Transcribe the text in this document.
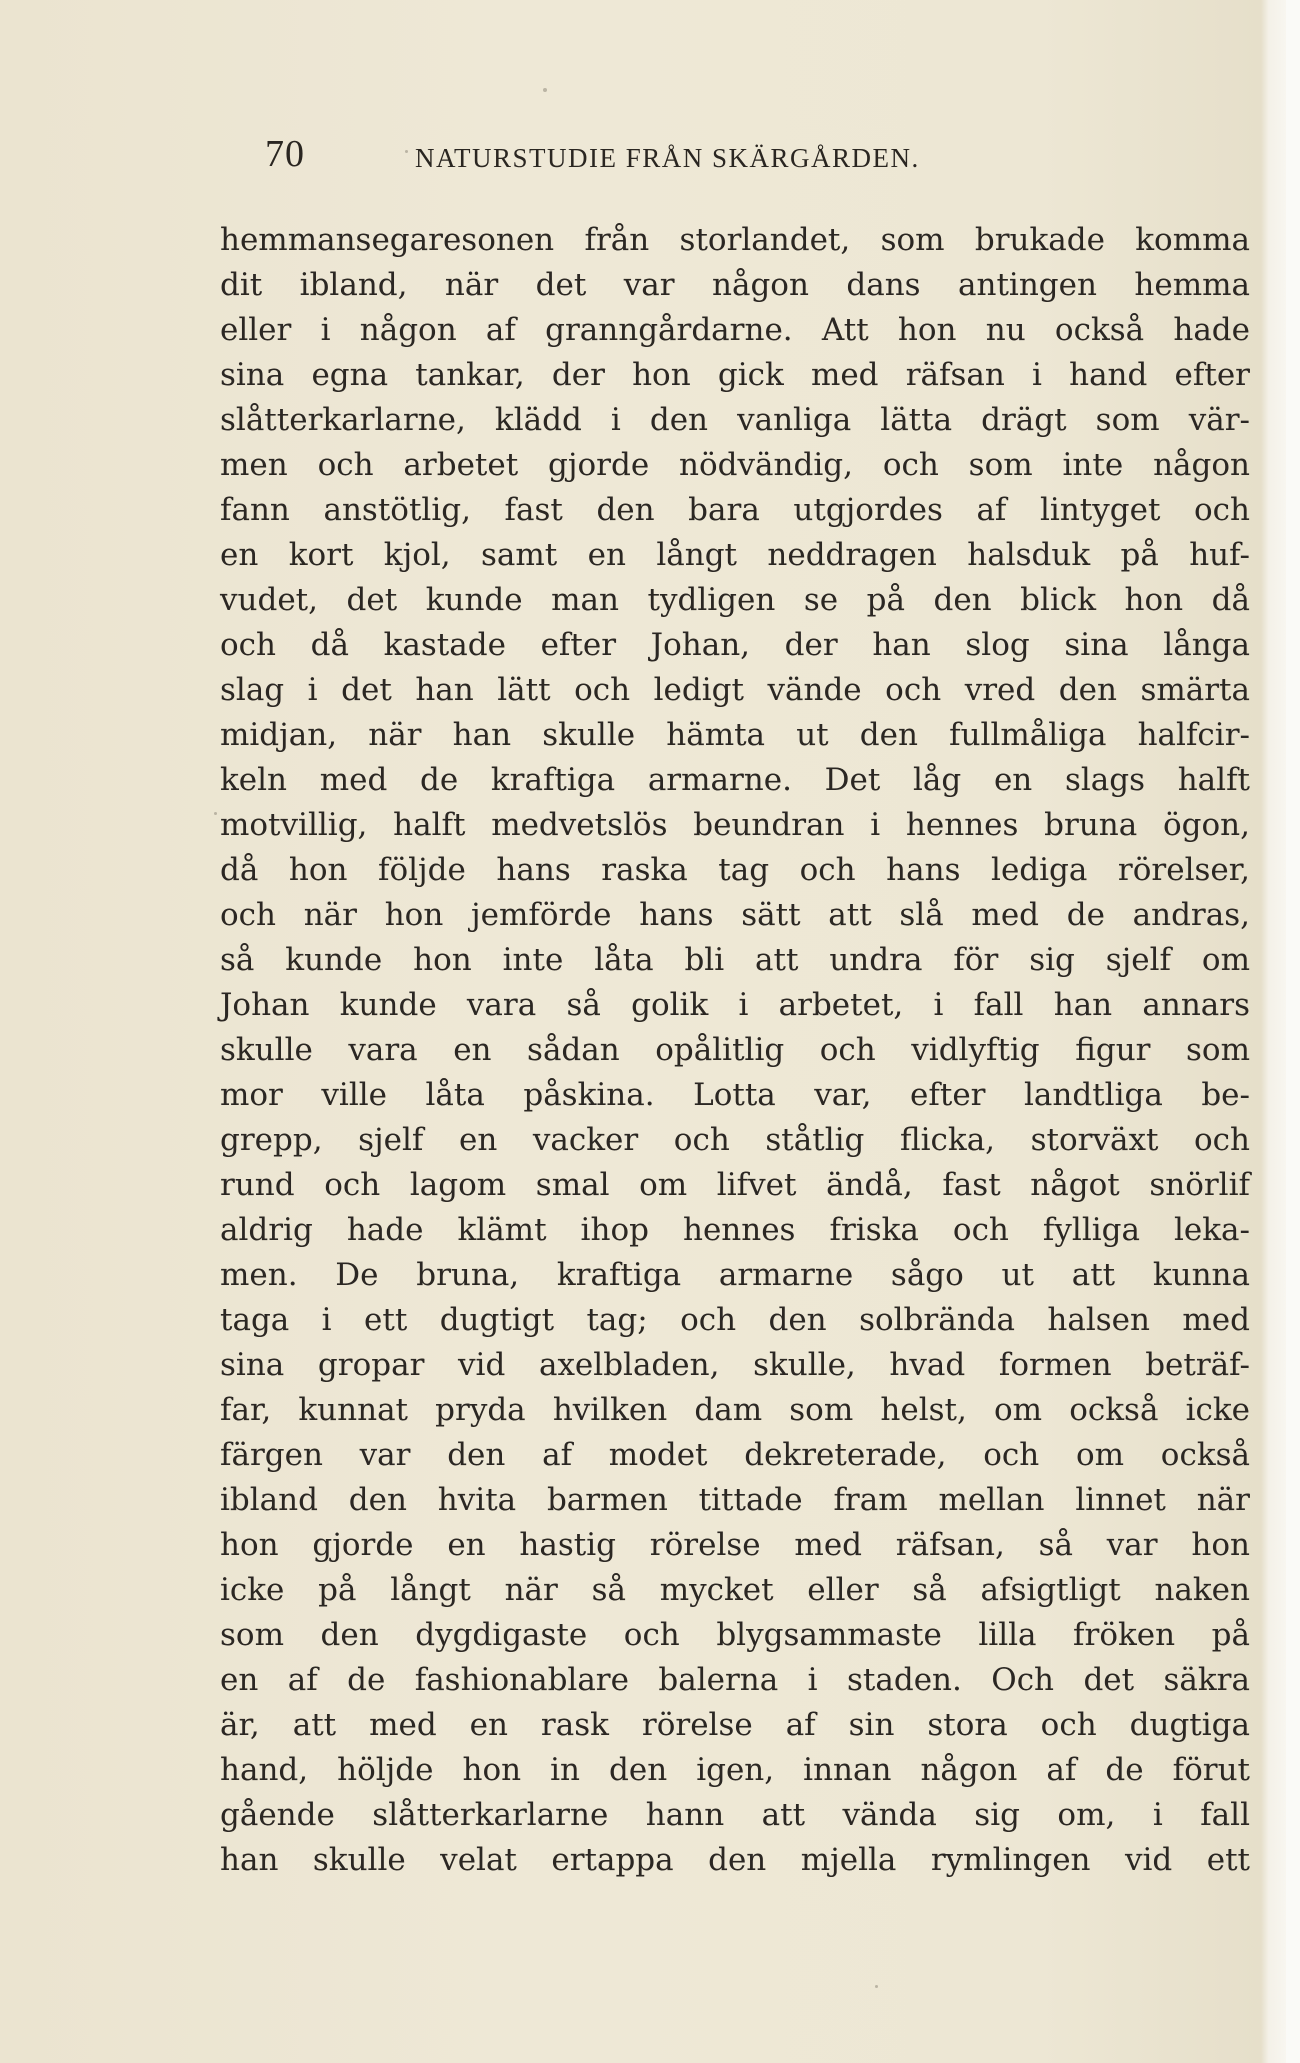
70	NATURSTUDIE FRÅN SKÄRGÅRDEN.
hemmansegaresonen från storlandet, som brukade komma
dit ibland, när det var någon dans antingen hemma
eller i någon af granngårdarne. Att hon nu också hade
sina egna tankar, der hon gick med räfsan i hand efter
slåtterkarlarne, klädd i den vanliga lätta drägt som vär-
men och arbetet gjorde nödvändig, och som inte någon
fann anstötlig, fast den bara utgjordes af lintyget och
en kort kjol, samt en långt neddragen halsduk på huf-
vudet, det kunde man tydligen se på den blick hon då
och då kastade efter Johan, der han slog sina långa
slag i det han lätt och ledigt vände och vred den smärta
midjan, när han skulle hämta ut den fullmåliga halfcir-
keln med de kraftiga armarne. Det låg en slags halft
motvillig, halft medvetslös beundran i hennes bruna ögon,
då hon följde hans raska tag och hans lediga rörelser,
och när hon jemförde hans sätt att slå med de andras,
så kunde hon inte låta bli att undra för sig sjelf om
Johan kunde vara så golik i arbetet, i fall han annars
skulle vara en sådan opålitlig och vidlyftig figur som
mor ville låta påskina. Lotta var, efter landtliga be-
grepp, sjelf en vacker och ståtlig flicka, storväxt och
rund och lagom smal om lifvet ändå, fast något snörlif
aldrig hade klämt ihop hennes friska och fylliga leka-
men. De bruna, kraftiga armarne sågo ut att kunna
taga i ett dugtigt tag; och den solbrända halsen med
sina gropar vid axelbladen, skulle, hvad formen beträf-
far, kunnat pryda hvilken dam som helst, om också icke
färgen var den af modet dekreterade, och om också
ibland den hvita barmen tittade fram mellan linnet när
hon gjorde en hastig rörelse med räfsan, så var hon
icke på långt när så mycket eller så afsigtligt naken
som den dygdigaste och blygsammaste lilla fröken på
en af de fashionablare balerna i staden. Och det säkra
är, att med en rask rörelse af sin stora och dugtiga
hand, höljde hon in den igen, innan någon af de förut
gående slåtterkarlarne hann att vända sig om, i fall
han skulle velat ertappa den mjella rymlingen vid ett
